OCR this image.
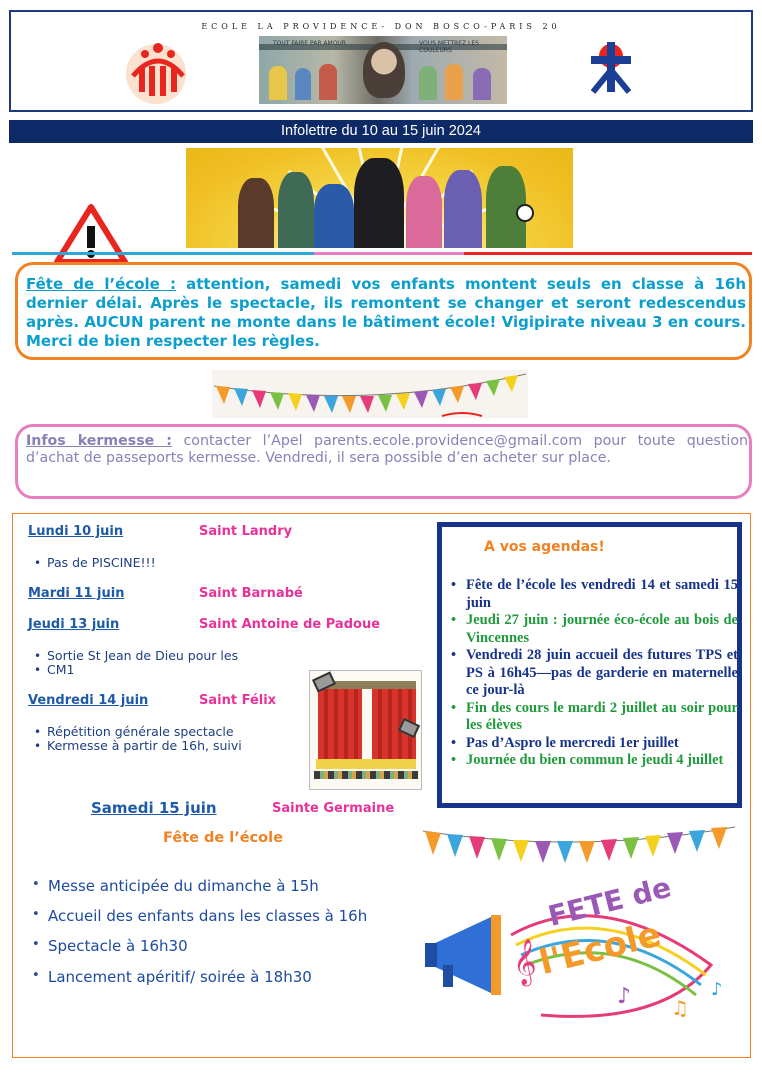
ECOLE LA PROVIDENCE- DON BOSCO-PARIS 20
TOUT FAIRE PAR AMOUR	VOUS METTREZ LES COULEURS
Infolettre du 10 au 15 juin 2024

Fête de l’école : attention, samedi vos enfants montent seuls en classe à 16h dernier délai. Après le spectacle, ils remontent se changer et seront redescendus après. AUCUN parent ne monte dans le bâtiment école! Vigipirate niveau 3 en cours. Merci de bien respecter les règles.

Infos kermesse : contacter l’Apel parents.ecole.providence@gmail.com pour toute question d’achat de passeports kermesse. Vendredi, il sera possible d’en acheter sur place.

Lundi 10 juin	Saint Landry
• Pas de PISCINE!!!
Mardi 11 juin	Saint Barnabé
Jeudi 13 juin	Saint Antoine de Padoue
• Sortie St Jean de Dieu pour les
• CM1
Vendredi 14 juin	Saint Félix
• Répétition générale spectacle
• Kermesse à partir de 16h, suivi
A vos agendas!
• Fête de l’école les vendredi 14 et samedi 15 juin
• Jeudi 27 juin : journée éco-école au bois de Vincennes
• Vendredi 28 juin accueil des futures TPS et PS à 16h45—pas de garderie en maternelle ce jour-là
• Fin des cours le mardi 2 juillet au soir pour les élèves
• Pas d’Aspro le mercredi 1er juillet
• Journée du bien commun le jeudi 4 juillet
Samedi 15 juin	Sainte Germaine
Fête de l’école
• Messe anticipée du dimanche à 15h
• Accueil des enfants dans les classes à 16h
• Spectacle à 16h30
• Lancement apéritif/ soirée à 18h30	𝄞
♪ ♫
♪
FETE de
l'Ecole
